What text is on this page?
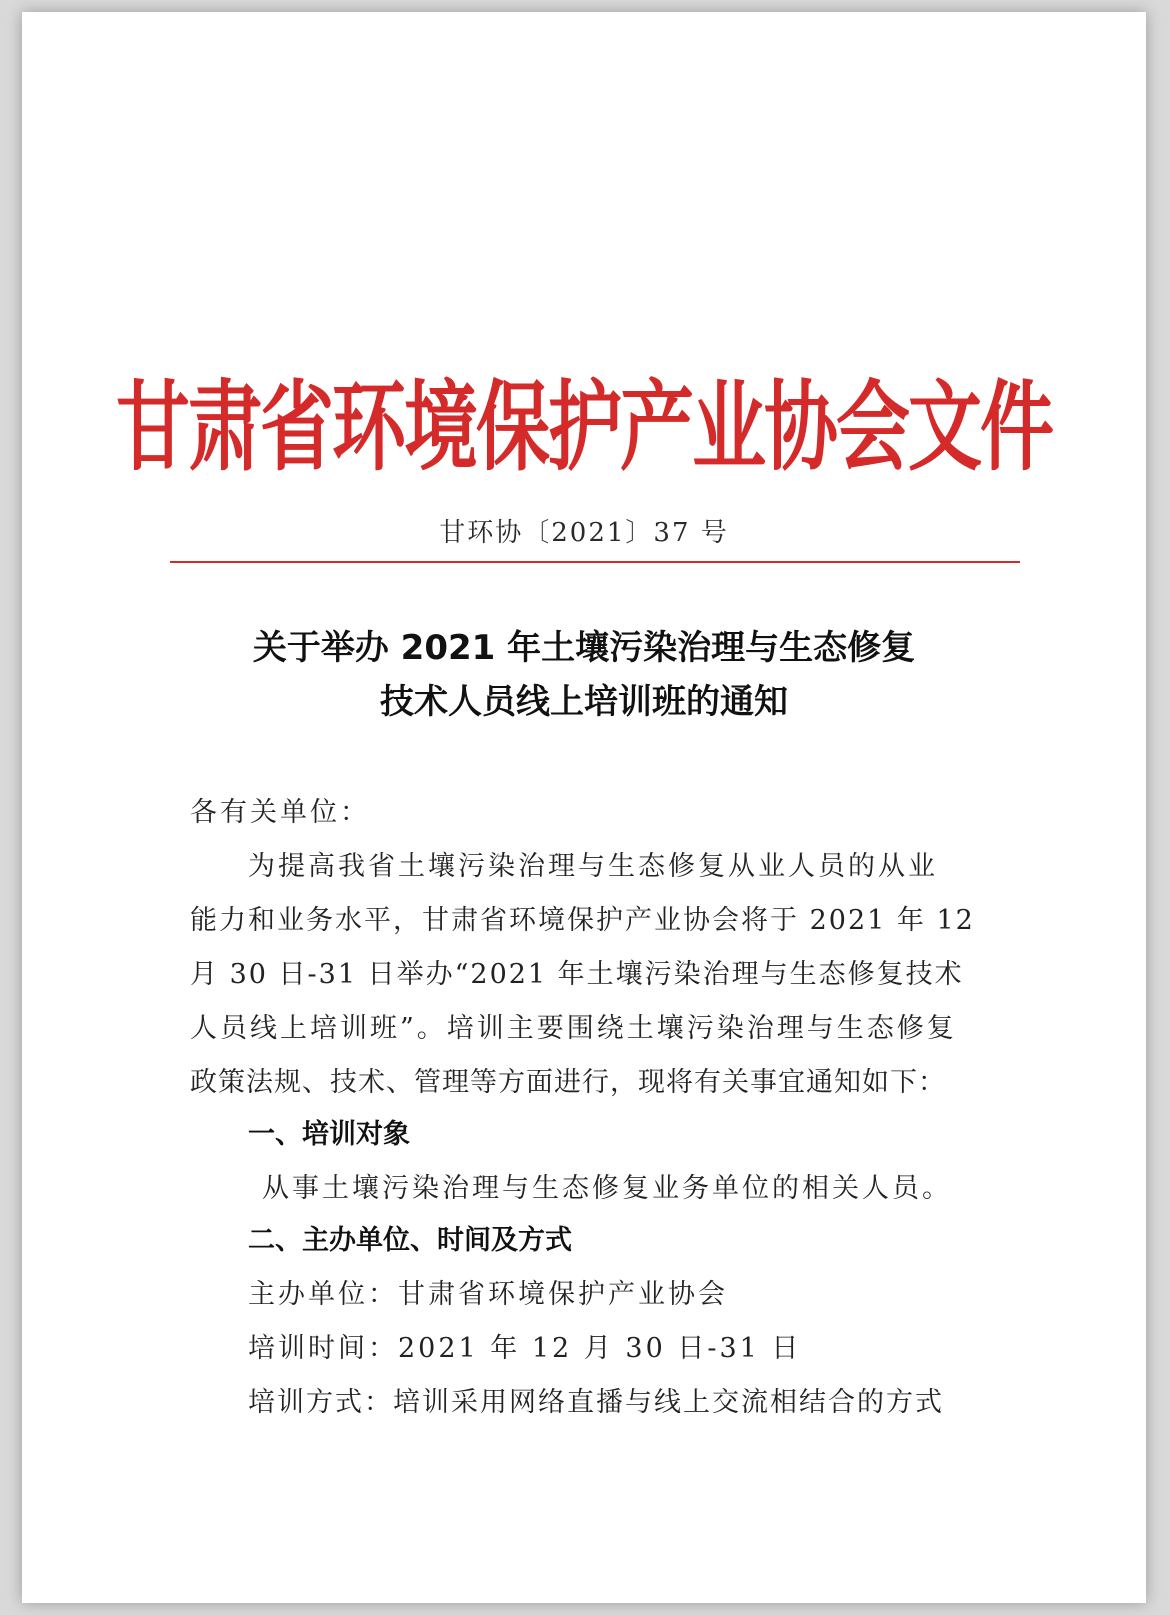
甘肃省环境保护产业协会文件
甘环协〔2021〕37 号
关于举办 2021 年土壤污染治理与生态修复
技术人员线上培训班的通知
各有关单位：
为提高我省土壤污染治理与生态修复从业人员的从业
能力和业务水平，甘肃省环境保护产业协会将于 2021 年 12
月 30 日-31 日举办“2021 年土壤污染治理与生态修复技术
人员线上培训班”。培训主要围绕土壤污染治理与生态修复
政策法规、技术、管理等方面进行，现将有关事宜通知如下：
一、培训对象
从事土壤污染治理与生态修复业务单位的相关人员。
二、主办单位、时间及方式
主办单位：甘肃省环境保护产业协会
培训时间：2021 年 12 月 30 日-31 日
培训方式：培训采用网络直播与线上交流相结合的方式
